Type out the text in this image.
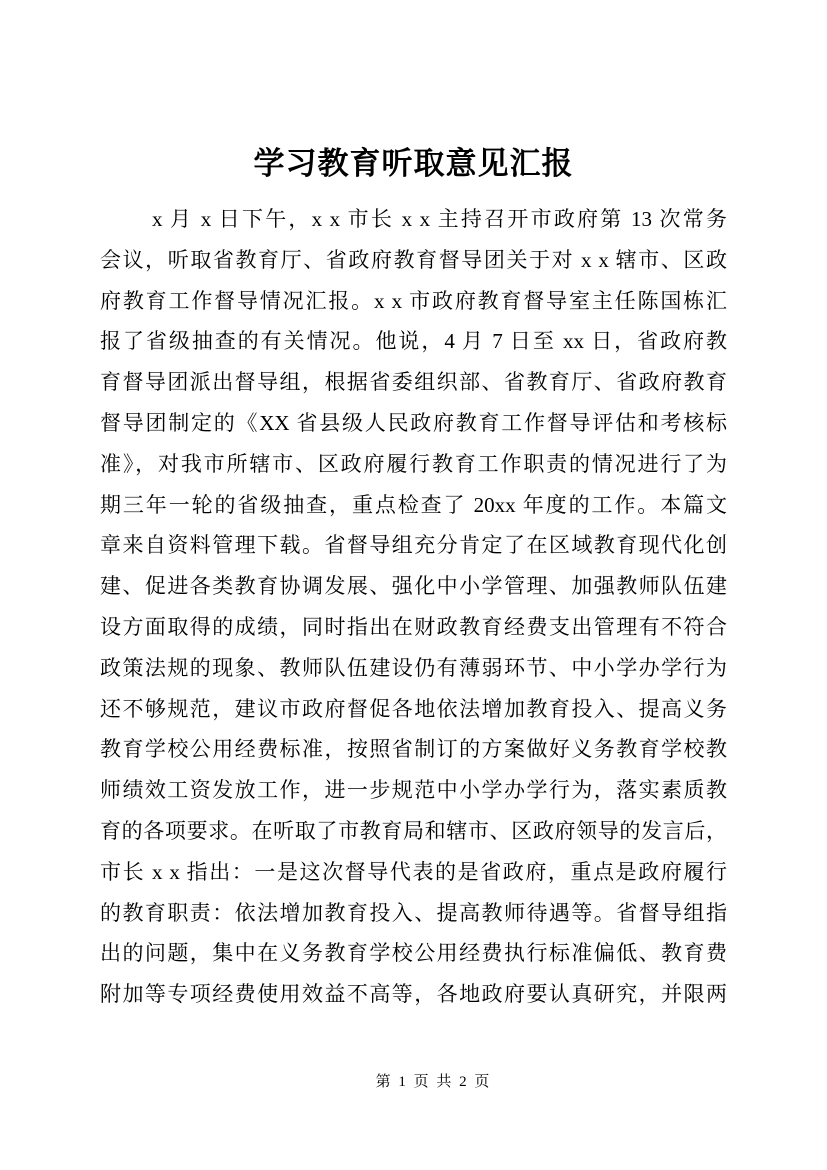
学习教育听取意见汇报
x 月 x 日下午，x x 市长 x x 主持召开市政府第 13 次常务
会议，听取省教育厅、省政府教育督导团关于对 x x 辖市、区政
府教育工作督导情况汇报。x x 市政府教育督导室主任陈国栋汇
报了省级抽查的有关情况。他说，4 月 7 日至 xx 日，省政府教
育督导团派出督导组，根据省委组织部、省教育厅、省政府教育
督导团制定的《XX 省县级人民政府教育工作督导评估和考核标
准》，对我市所辖市、区政府履行教育工作职责的情况进行了为
期三年一轮的省级抽查，重点检查了 20xx 年度的工作。本篇文
章来自资料管理下载。省督导组充分肯定了在区域教育现代化创
建、促进各类教育协调发展、强化中小学管理、加强教师队伍建
设方面取得的成绩，同时指出在财政教育经费支出管理有不符合
政策法规的现象、教师队伍建设仍有薄弱环节、中小学办学行为
还不够规范，建议市政府督促各地依法增加教育投入、提高义务
教育学校公用经费标准，按照省制订的方案做好义务教育学校教
师绩效工资发放工作，进一步规范中小学办学行为，落实素质教
育的各项要求。在听取了市教育局和辖市、区政府领导的发言后，
市长 x x 指出：一是这次督导代表的是省政府，重点是政府履行
的教育职责：依法增加教育投入、提高教师待遇等。省督导组指
出的问题，集中在义务教育学校公用经费执行标准偏低、教育费
附加等专项经费使用效益不高等，各地政府要认真研究，并限两
第 1 页 共 2 页
